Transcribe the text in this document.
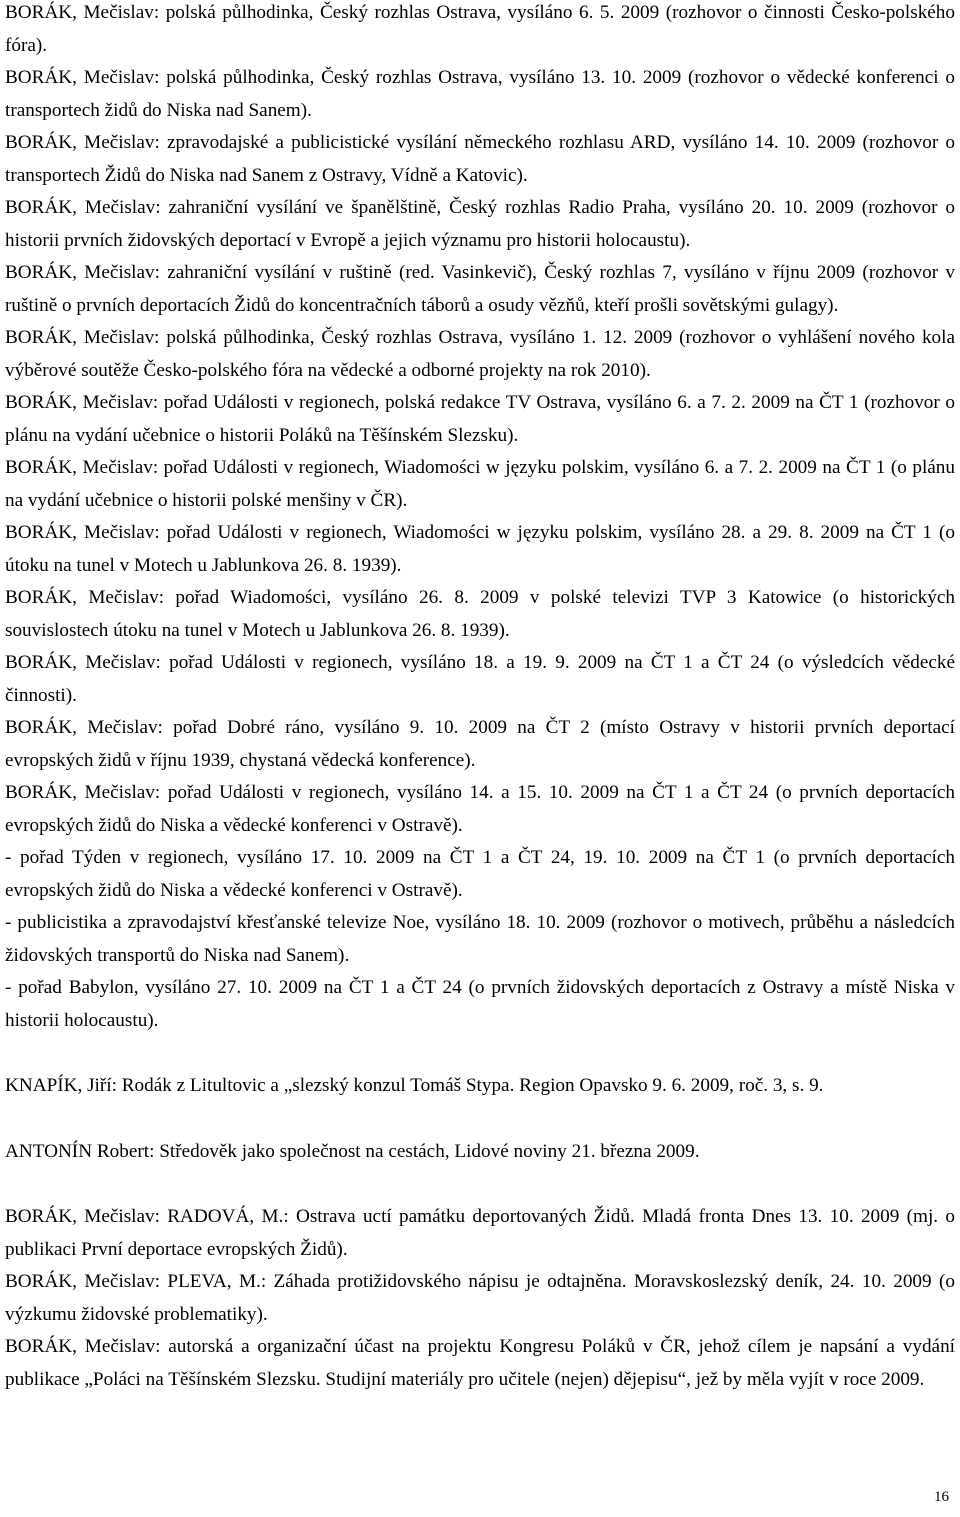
BORÁK, Mečislav: polská půlhodinka, Český rozhlas Ostrava, vysíláno 6. 5. 2009 (rozhovor o činnosti Česko-polského fóra).

BORÁK, Mečislav: polská půlhodinka, Český rozhlas Ostrava, vysíláno 13. 10. 2009 (rozhovor o vědecké konferenci o transportech židů do Niska nad Sanem).

BORÁK, Mečislav: zpravodajské a publicistické vysílání německého rozhlasu ARD, vysíláno 14. 10. 2009 (rozhovor o transportech Židů do Niska nad Sanem z Ostravy, Vídně a Katovic).

BORÁK, Mečislav: zahraniční vysílání ve španělštině, Český rozhlas Radio Praha, vysíláno 20. 10. 2009 (rozhovor o historii prvních židovských deportací v Evropě a jejich významu pro historii holocaustu).

BORÁK, Mečislav: zahraniční vysílání v ruštině (red. Vasinkevič), Český rozhlas 7, vysíláno v říjnu 2009 (rozhovor v ruštině o prvních deportacích Židů do koncentračních táborů a osudy vězňů, kteří prošli sovětskými gulagy).

BORÁK, Mečislav: polská půlhodinka, Český rozhlas Ostrava, vysíláno 1. 12. 2009 (rozhovor o vyhlášení nového kola výběrové soutěže Česko-polského fóra na vědecké a odborné projekty na rok 2010).

BORÁK, Mečislav: pořad Události v regionech, polská redakce TV Ostrava, vysíláno 6. a 7. 2. 2009 na ČT 1 (rozhovor o plánu na vydání učebnice o historii Poláků na Těšínském Slezsku).

BORÁK, Mečislav: pořad Události v regionech, Wiadomości w języku polskim, vysíláno 6. a 7. 2. 2009 na ČT 1 (o plánu na vydání učebnice o historii polské menšiny v ČR).

BORÁK, Mečislav: pořad Události v regionech, Wiadomości w języku polskim, vysíláno 28. a 29. 8. 2009 na ČT 1 (o útoku na tunel v Motech u Jablunkova 26. 8. 1939).

BORÁK, Mečislav: pořad Wiadomości, vysíláno 26. 8. 2009 v polské televizi TVP 3 Katowice (o historických souvislostech útoku na tunel v Motech u Jablunkova 26. 8. 1939).

BORÁK, Mečislav: pořad Události v regionech, vysíláno 18. a 19. 9. 2009 na ČT 1 a ČT 24 (o výsledcích vědecké činnosti).

BORÁK, Mečislav: pořad Dobré ráno, vysíláno 9. 10. 2009 na ČT 2 (místo Ostravy v historii prvních deportací evropských židů v říjnu 1939, chystaná vědecká konference).

BORÁK, Mečislav: pořad Události v regionech, vysíláno 14. a 15. 10. 2009 na ČT 1 a ČT 24 (o prvních deportacích evropských židů do Niska a vědecké konferenci v Ostravě).

- pořad Týden v regionech, vysíláno 17. 10. 2009 na ČT 1 a ČT 24, 19. 10. 2009 na ČT 1 (o prvních deportacích evropských židů do Niska a vědecké konferenci v Ostravě).

- publicistika a zpravodajství křesťanské televize Noe, vysíláno 18. 10. 2009 (rozhovor o motivech, průběhu a následcích židovských transportů do Niska nad Sanem).

- pořad Babylon, vysíláno 27. 10. 2009 na ČT 1 a ČT 24 (o prvních židovských deportacích z Ostravy a místě Niska v historii holocaustu).

KNAPÍK, Jiří: Rodák z Litultovic a „slezský konzul Tomáš Stypa. Region Opavsko 9. 6. 2009, roč. 3, s. 9.

ANTONÍN Robert: Středověk jako společnost na cestách, Lidové noviny 21. března 2009.

BORÁK, Mečislav: RADOVÁ, M.: Ostrava uctí památku deportovaných Židů. Mladá fronta Dnes 13. 10. 2009 (mj. o publikaci První deportace evropských Židů).

BORÁK, Mečislav: PLEVA, M.: Záhada protižidovského nápisu je odtajněna. Moravskoslezský deník, 24. 10. 2009 (o výzkumu židovské problematiky).

BORÁK, Mečislav: autorská a organizační účast na projektu Kongresu Poláků v ČR, jehož cílem je napsání a vydání publikace „Poláci na Těšínském Slezsku. Studijní materiály pro učitele (nejen) dějepisu“, jež by měla vyjít v roce 2009.

16
